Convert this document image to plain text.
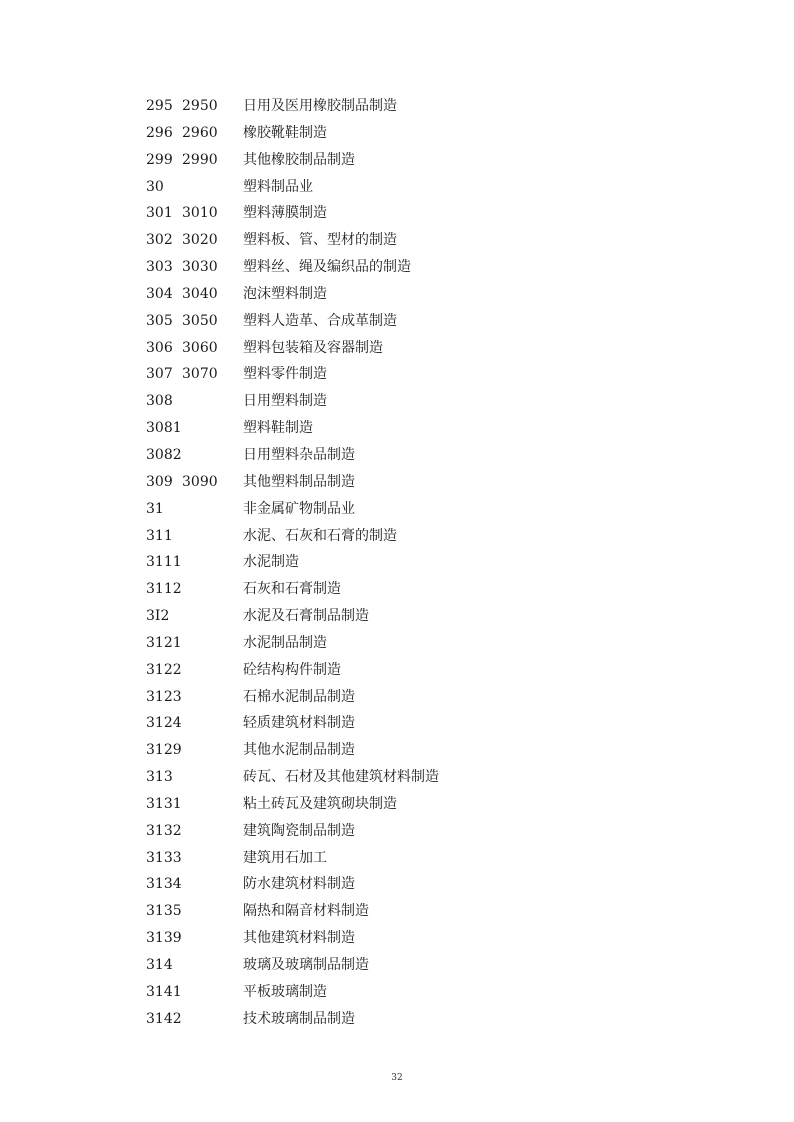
295 2950 日用及医用橡胶制品制造
296 2960 橡胶靴鞋制造
299 2990 其他橡胶制品制造
30	塑料制品业
301 3010 塑料薄膜制造
302 3020 塑料板、管、型材的制造
303 3030 塑料丝、绳及编织品的制造
304 3040 泡沫塑料制造
305 3050 塑料人造革、合成革制造
306 3060 塑料包装箱及容器制造
307 3070 塑料零件制造
308	日用塑料制造
3081	塑料鞋制造
3082	日用塑料杂品制造
309 3090 其他塑料制品制造
31	非金属矿物制品业
311	水泥、石灰和石膏的制造
3111	水泥制造
3112	石灰和石膏制造
3I2	水泥及石膏制品制造
3121	水泥制品制造
3122	砼结构构件制造
3123	石棉水泥制品制造
3124	轻质建筑材料制造
3129	其他水泥制品制造
313	砖瓦、石材及其他建筑材料制造
3131	粘土砖瓦及建筑砌块制造
3132	建筑陶瓷制品制造
3133	建筑用石加工
3134	防水建筑材料制造
3135	隔热和隔音材料制造
3139	其他建筑材料制造
314	玻璃及玻璃制品制造
3141	平板玻璃制造
3142	技术玻璃制品制造
32
